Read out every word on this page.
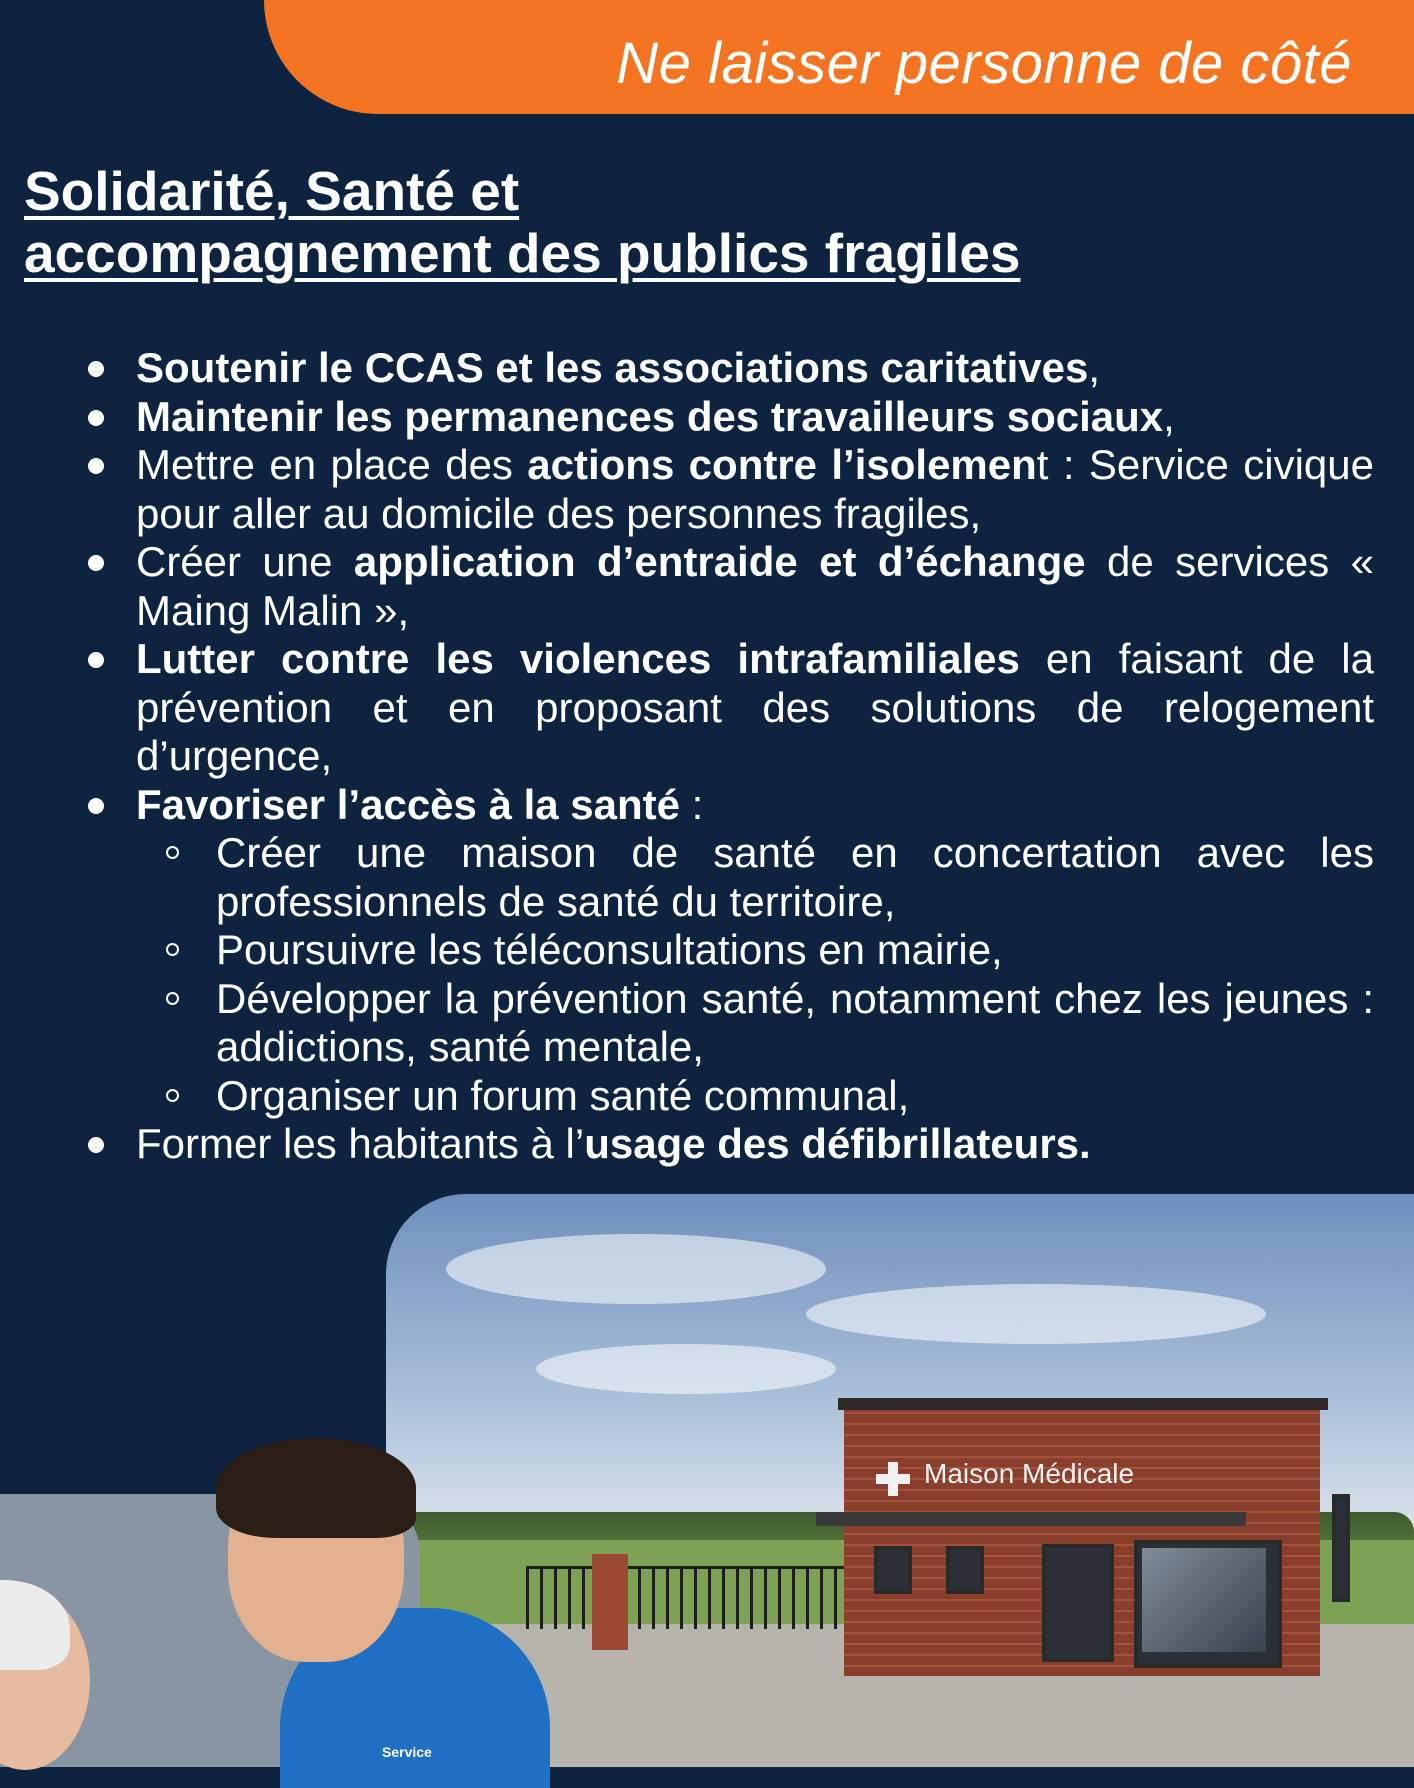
Ne laisser personne de côté
Solidarité, Santé et
accompagnement des publics fragiles
Soutenir le CCAS et les associations caritatives,
Maintenir les permanences des travailleurs sociaux,
Mettre en place des actions contre l’isolement : Service civique pour aller au domicile des personnes fragiles,
Créer une application d’entraide et d’échange de services « Maing Malin »,
Lutter contre les violences intrafamiliales en faisant de la prévention et en proposant des solutions de relogement d’urgence,
Favoriser l’accès à la santé :
Créer une maison de santé en concertation avec les professionnels de santé du territoire,
Poursuivre les téléconsultations en mairie,
Développer la prévention santé, notamment chez les jeunes : addictions, santé mentale,
Organiser un forum santé communal,
Former les habitants à l’usage des défibrillateurs.
Maison Médicale
Service
